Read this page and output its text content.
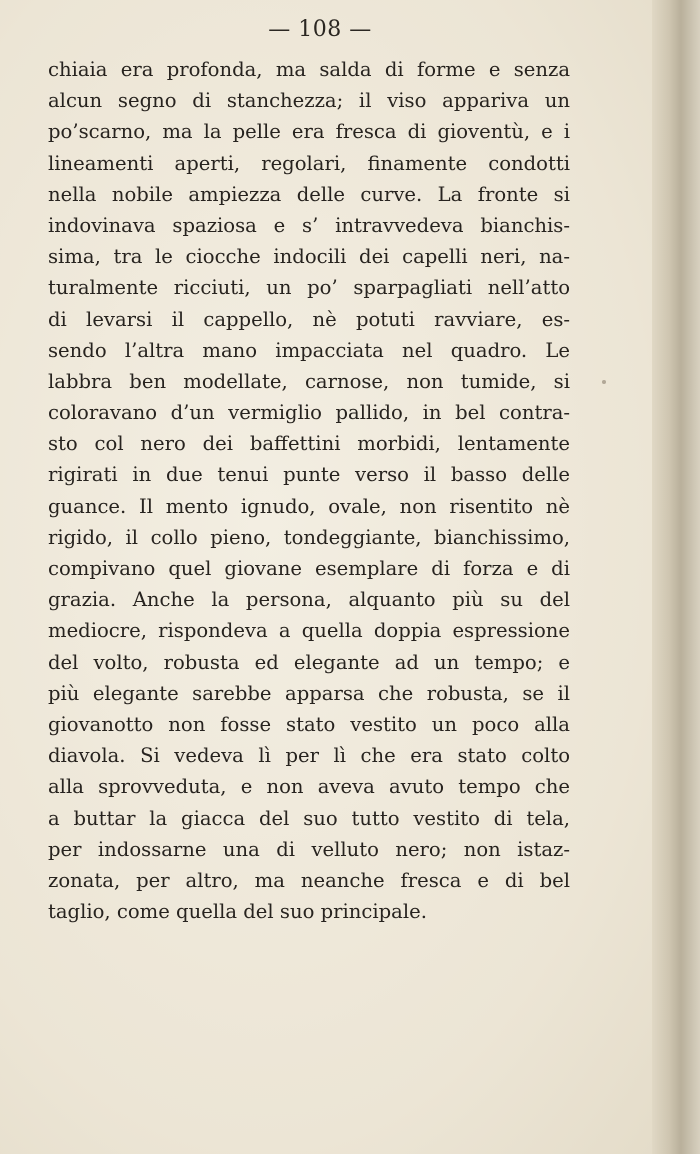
— 108 —
chiaia era profonda, ma salda di forme e senza
alcun segno di stanchezza; il viso appariva un
po’scarno, ma la pelle era fresca di gioventù, e i
lineamenti aperti, regolari, finamente condotti
nella nobile ampiezza delle curve. La fronte si
indovinava spaziosa e s’ intravvedeva bianchis-
sima, tra le ciocche indocili dei capelli neri, na-
turalmente ricciuti, un po’ sparpagliati nell’atto
di levarsi il cappello, nè potuti ravviare, es-
sendo l’altra mano impacciata nel quadro. Le
labbra ben modellate, carnose, non tumide, si
coloravano d’un vermiglio pallido, in bel contra-
sto col nero dei baffettini morbidi, lentamente
rigirati in due tenui punte verso il basso delle
guance. Il mento ignudo, ovale, non risentito nè
rigido, il collo pieno, tondeggiante, bianchissimo,
compivano quel giovane esemplare di forza e di
grazia. Anche la persona, alquanto più su del
mediocre, rispondeva a quella doppia espressione
del volto, robusta ed elegante ad un tempo; e
più elegante sarebbe apparsa che robusta, se il
giovanotto non fosse stato vestito un poco alla
diavola. Si vedeva lì per lì che era stato colto
alla sprovveduta, e non aveva avuto tempo che
a buttar la giacca del suo tutto vestito di tela,
per indossarne una di velluto nero; non istaz-
zonata, per altro, ma neanche fresca e di bel
taglio, come quella del suo principale.
